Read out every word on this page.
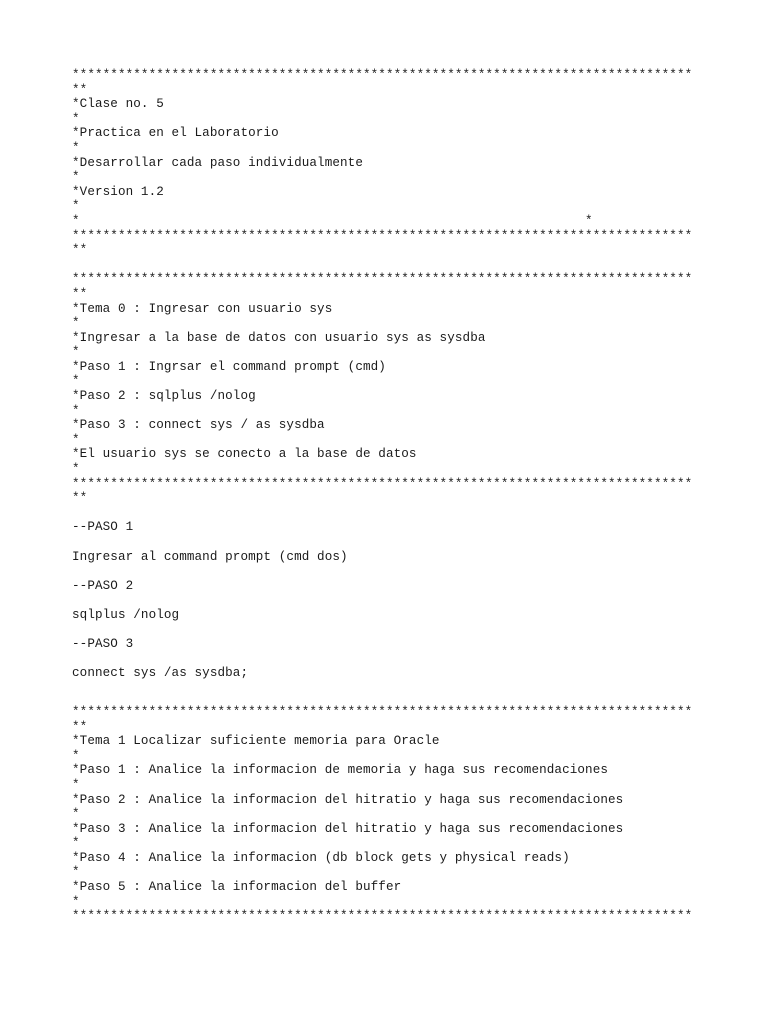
*********************************************************************************
**
*Clase no. 5
*
*Practica en el Laboratorio
*
*Desarrollar cada paso individualmente
*
*Version 1.2
*
*                                                                  *
*********************************************************************************
**
*********************************************************************************
**
*Tema 0 : Ingresar con usuario sys
*
*Ingresar a la base de datos con usuario sys as sysdba
*
*Paso 1 : Ingrsar el command prompt (cmd)
*
*Paso 2 : sqlplus /nolog
*
*Paso 3 : connect sys / as sysdba
*
*El usuario sys se conecto a la base de datos
*
*********************************************************************************
**
--PASO 1
Ingresar al command prompt (cmd dos)
--PASO 2
sqlplus /nolog
--PASO 3
connect sys /as sysdba;
*********************************************************************************
**
*Tema 1 Localizar suficiente memoria para Oracle
*
*Paso 1 : Analice la informacion de memoria y haga sus recomendaciones
*
*Paso 2 : Analice la informacion del hitratio y haga sus recomendaciones
*
*Paso 3 : Analice la informacion del hitratio y haga sus recomendaciones
*
*Paso 4 : Analice la informacion (db block gets y physical reads)
*
*Paso 5 : Analice la informacion del buffer
*
*********************************************************************************
